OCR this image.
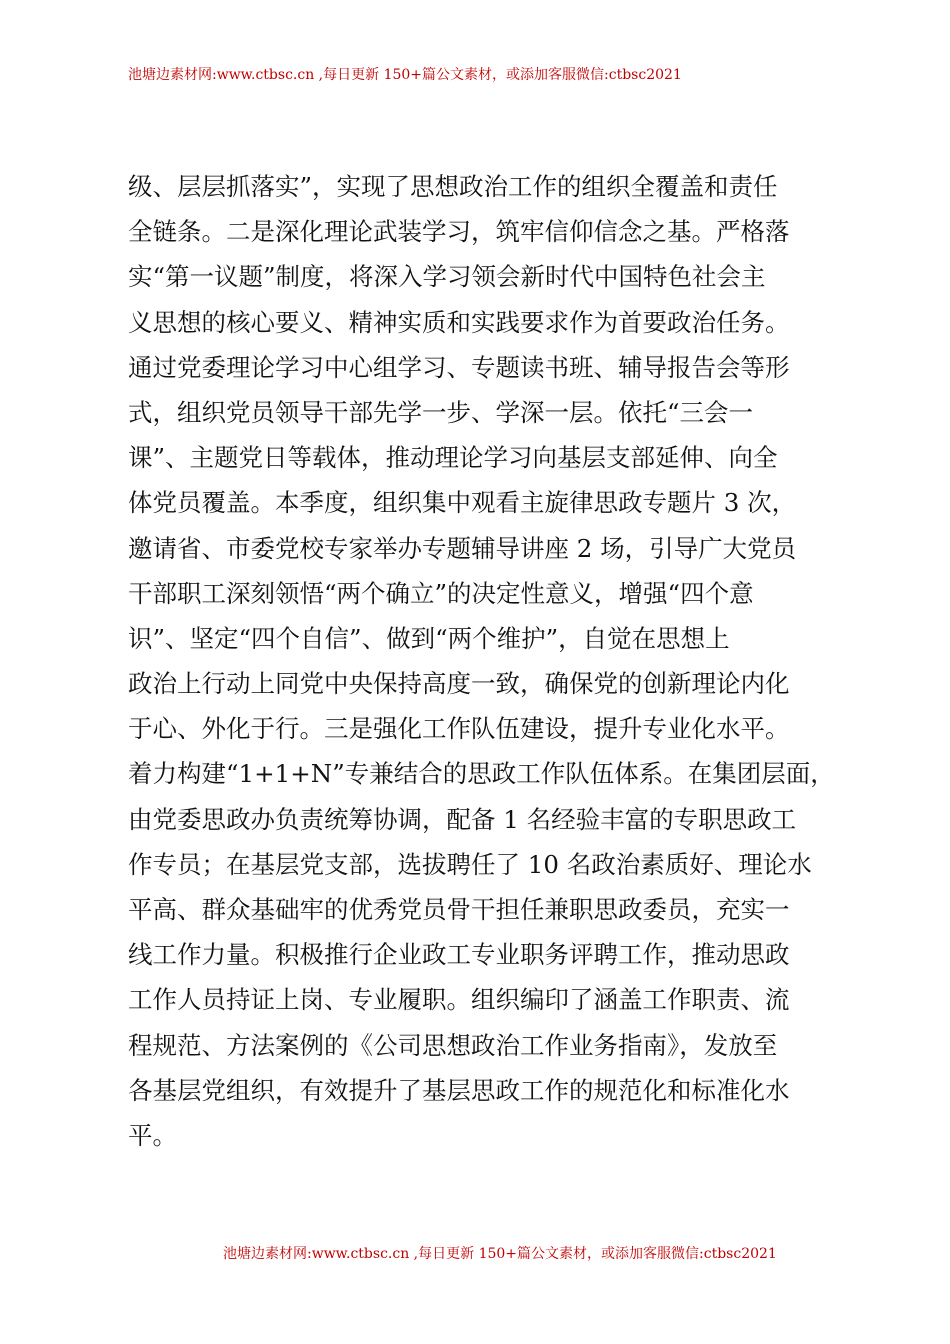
池塘边素材网:www.ctbsc.cn ,每日更新 150+篇公文素材，或添加客服微信:ctbsc2021
级、层层抓落实”，实现了思想政治工作的组织全覆盖和责任
全链条。二是深化理论武装学习，筑牢信仰信念之基。严格落
实“第一议题”制度，将深入学习领会新时代中国特色社会主
义思想的核心要义、精神实质和实践要求作为首要政治任务。
通过党委理论学习中心组学习、专题读书班、辅导报告会等形
式，组织党员领导干部先学一步、学深一层。依托“三会一
课”、主题党日等载体，推动理论学习向基层支部延伸、向全
体党员覆盖。本季度，组织集中观看主旋律思政专题片 3 次，
邀请省、市委党校专家举办专题辅导讲座 2 场，引导广大党员
干部职工深刻领悟“两个确立”的决定性意义，增强“四个意
识”、坚定“四个自信”、做到“两个维护”，自觉在思想上
政治上行动上同党中央保持高度一致，确保党的创新理论内化
于心、外化于行。三是强化工作队伍建设，提升专业化水平。
着力构建“1+1+N”专兼结合的思政工作队伍体系。在集团层面，
由党委思政办负责统筹协调，配备 1 名经验丰富的专职思政工
作专员；在基层党支部，选拔聘任了 10 名政治素质好、理论水
平高、群众基础牢的优秀党员骨干担任兼职思政委员，充实一
线工作力量。积极推行企业政工专业职务评聘工作，推动思政
工作人员持证上岗、专业履职。组织编印了涵盖工作职责、流
程规范、方法案例的《公司思想政治工作业务指南》，发放至
各基层党组织，有效提升了基层思政工作的规范化和标准化水
平。
池塘边素材网:www.ctbsc.cn ,每日更新 150+篇公文素材，或添加客服微信:ctbsc2021
